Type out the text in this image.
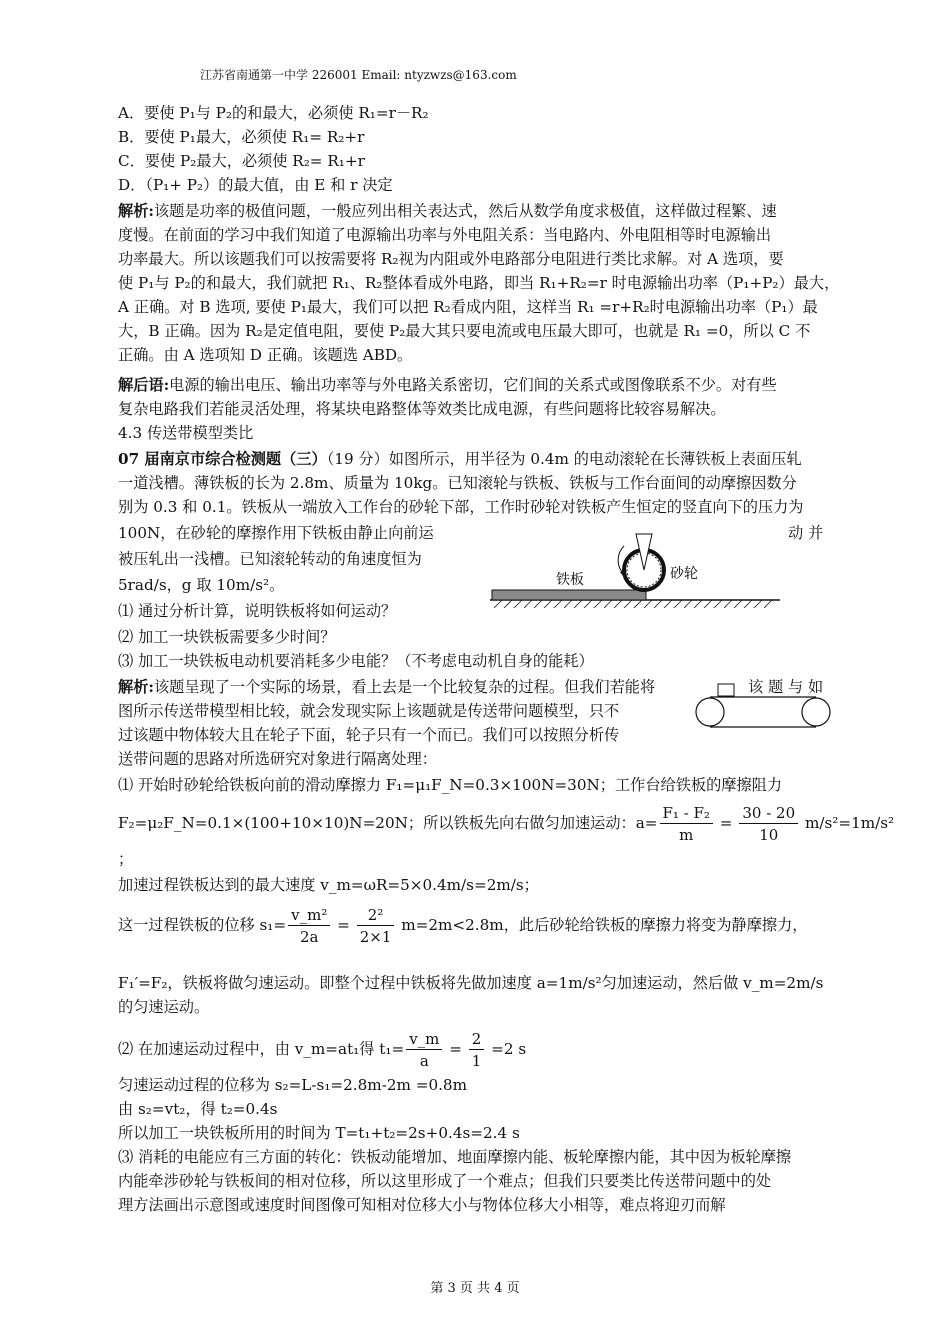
江苏省南通第一中学 226001 Email: ntyzwzs@163.com
A．要使 P₁与 P₂的和最大，必须使 R₁=r－R₂
B．要使 P₁最大，必须使 R₁= R₂+r
C．要使 P₂最大，必须使 R₂= R₁+r
D．（P₁+ P₂）的最大值，由 E 和 r 决定
解析:该题是功率的极值问题，一般应列出相关表达式，然后从数学角度求极值，这样做过程繁、速
度慢。在前面的学习中我们知道了电源输出功率与外电阻关系：当电路内、外电阻相等时电源输出
功率最大。所以该题我们可以按需要将 R₂视为内阻或外电路部分电阻进行类比求解。对 A 选项，要
使 P₁与 P₂的和最大，我们就把 R₁、R₂整体看成外电路，即当 R₁+R₂=r 时电源输出功率（P₁+P₂）最大，
A 正确。对 B 选项, 要使 P₁最大，我们可以把 R₂看成内阻，这样当 R₁ =r+R₂时电源输出功率（P₁）最
大，B 正确。因为 R₂是定值电阻，要使 P₂最大其只要电流或电压最大即可，也就是 R₁ =0，所以 C 不
正确。由 A 选项知 D 正确。该题选 ABD。
解后语:电源的输出电压、输出功率等与外电路关系密切，它们间的关系式或图像联系不少。对有些
复杂电路我们若能灵活处理，将某块电路整体等效类比成电源，有些问题将比较容易解决。
4.3 传送带模型类比
07 届南京市综合检测题（三）（19 分）如图所示，用半径为 0.4m 的电动滚轮在长薄铁板上表面压轧
一道浅槽。薄铁板的长为 2.8m、质量为 10kg。已知滚轮与铁板、铁板与工作台面间的动摩擦因数分
别为 0.3 和 0.1。铁板从一端放入工作台的砂轮下部，工作时砂轮对铁板产生恒定的竖直向下的压力为
100N，在砂轮的摩擦作用下铁板由静止向前运	动 并
被压轧出一浅槽。已知滚轮转动的角速度恒为
5rad/s，g 取 10m/s²。
⑴ 通过分析计算，说明铁板将如何运动？
⑵ 加工一块铁板需要多少时间？
⑶ 加工一块铁板电动机要消耗多少电能？（不考虑电动机自身的能耗）
铁板	砂轮
解析:该题呈现了一个实际的场景，看上去是一个比较复杂的过程。但我们若能将	该 题 与 如
图所示传送带模型相比较，就会发现实际上该题就是传送带问题模型，只不
过该题中物体较大且在轮子下面，轮子只有一个而已。我们可以按照分析传
送带问题的思路对所选研究对象进行隔离处理：
⑴ 开始时砂轮给铁板向前的滑动摩擦力 F₁=μ₁F_N=0.3×100N=30N；工作台给铁板的摩擦阻力
F₂=μ₂F_N=0.1×(100+10×10)N=20N；所以铁板先向右做匀加速运动：$a= \frac{\text{F₁ - F₂}}{m} = \frac{30 - 20}{10} m/s^2=1m/s^2$
；
加速过程铁板达到的最大速度 v_m=ωR=5×0.4m/s=2m/s；
这一过程铁板的位移 $s_1= \frac{\text{v\_m²}}{2a} = \frac{\text{2²}}{2\times 1} m=2m<2.8m$，此后砂轮给铁板的摩擦力将变为静摩擦力，
F₁′=F₂，铁板将做匀速运动。即整个过程中铁板将先做加速度 a=1m/s²匀加速运动，然后做 v_m=2m/s
的匀速运动。
⑵ 在加速运动过程中，由 v_m=at₁得 $t_1= \frac{v\_m}{a} = \frac{2}{1} =2$ s
匀速运动过程的位移为 s₂=L-s₁=2.8m-2m =0.8m
由 s₂=vt₂，得 t₂=0.4s
所以加工一块铁板所用的时间为 T=t₁+t₂=2s+0.4s=2.4 s
⑶ 消耗的电能应有三方面的转化：铁板动能增加、地面摩擦内能、板轮摩擦内能，其中因为板轮摩擦
内能牵涉砂轮与铁板间的相对位移，所以这里形成了一个难点；但我们只要类比传送带问题中的处
理方法画出示意图或速度时间图像可知相对位移大小与物体位移大小相等，难点将迎刃而解
第 3 页 共 4 页
